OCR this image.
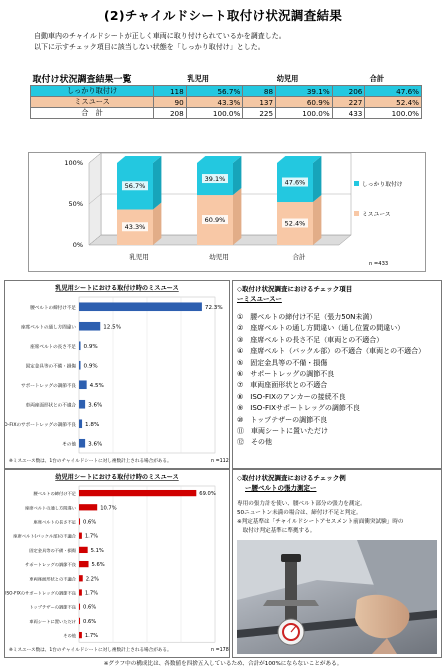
(2)チャイルドシート取付け状況調査結果
自動車内のチャイルドシートが正しく車両に取り付けられているかを調査した。
以下に示すチェック項目に該当しない状態を「しっかり取付け」とした。
取付け状況調査結果一覧	乳児用		幼児用		合計	
しっかり取付け	118	56.7%	88	39.1%	206	47.6%
ミスユース	90	43.3%	137	60.9%	227	52.4%
合　計	208	100.0%	225	100.0%	433	100.0%
100%
50%
0%
43.3%
56.7%
乳児用
60.9%
39.1%
幼児用
52.4%
47.6%
合計
しっかり取付け
ミスユース
n =433
乳児用シートにおける取付け時のミスユース
72.3%
腰ベルトの締付け不足
12.5%
座席ベルトの通し方間違い
0.9%
座席ベルトの長さ不足
0.9%
固定金具等の不備・損傷
4.5%
サポートレッグの調節不良
3.6%
車両座面形状との不適合
1.8%
ISO-FIXのサポートレッグの調節不良
3.6%
その他
※ミスユース数は、1台のチャイルドシートに対し複数計上される場合がある。	n =112
◇取付け状況調査におけるチェック項目
ーミスユースー
①　腰ベルトの締付け不足（張力50N未満）
②　座席ベルトの通し方間違い（通し位置の間違い）
③　座席ベルトの長さ不足（車両との不適合）
④　座席ベルト（バックル部）の不適合（車両との不適合）
⑤　固定金具等の不備・損傷
⑥　サポートレッグの調節不良
⑦　車両座面形状との不適合
⑧　ISO-FIXのアンカーの接続不良
⑨　ISO-FIXサポートレッグの調節不良
⑩　トップテザーの調節不良
⑪　車両シートに置いただけ
⑫　その他
幼児用シートにおける取付け時のミスユース
69.0%
腰ベルトの締付け不足
10.7%
座席ベルトの通し方間違い
0.6%
座席ベルトの長さ不足
1.7%
座席ベルト(バックル部)の不適合
5.1%
固定金具等の不備・損傷
5.6%
サポートレッグの調節不良
2.2%
車両座面形状との不適合
1.7%
ISO-FIXのサポートレッグの調節不良
0.6%
トップテザーの調節不良
0.6%
車両シートに置いただけ
1.7%
その他
※ミスユース数は、1台のチャイルドシートに対し複数計上される場合がある。	n =178
◇取付け状況調査におけるチェック例
ー腰ベルトの張力測定ー
専用の張力計を使い、腰ベルト部分の張力を測定。
50ニュートン未満の場合は、締付け不足と判定。
※判定基準は「チャイルドシートアセスメント前面衝突試験」時の
　取付け判定基準に準拠する。
※グラフ中の構成比は、各数値を四捨五入しているため、合計が100%にならないことがある。
